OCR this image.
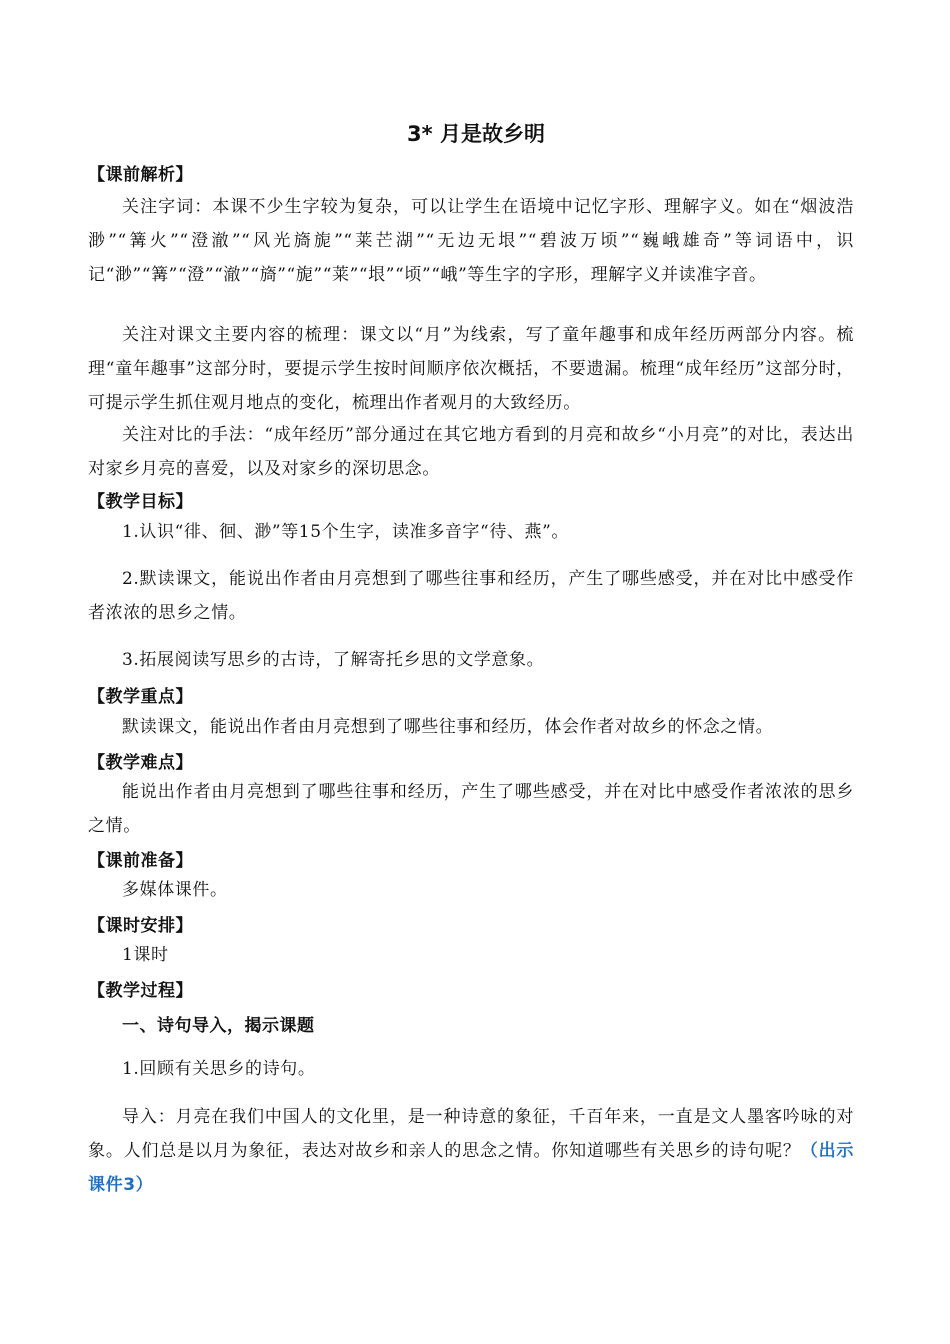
3* 月是故乡明
【课前解析】
关注字词：本课不少生字较为复杂，可以让学生在语境中记忆字形、理解字义。如在“烟波浩渺”“篝火”“澄澈”“风光旖旎”“莱芒湖”“无边无垠”“碧波万顷”“巍峨雄奇”等词语中，识记“渺”“篝”“澄”“澈”“旖”“旎”“莱”“垠”“顷”“峨”等生字的字形，理解字义并读准字音。
关注对课文主要内容的梳理：课文以“月”为线索，写了童年趣事和成年经历两部分内容。梳理“童年趣事”这部分时，要提示学生按时间顺序依次概括，不要遗漏。梳理“成年经历”这部分时，可提示学生抓住观月地点的变化，梳理出作者观月的大致经历。
关注对比的手法：“成年经历”部分通过在其它地方看到的月亮和故乡“小月亮”的对比，表达出对家乡月亮的喜爱，以及对家乡的深切思念。
【教学目标】
1.认识“徘、徊、渺”等15个生字，读准多音字“待、燕”。
2.默读课文，能说出作者由月亮想到了哪些往事和经历，产生了哪些感受，并在对比中感受作者浓浓的思乡之情。
3.拓展阅读写思乡的古诗，了解寄托乡思的文学意象。
【教学重点】
默读课文，能说出作者由月亮想到了哪些往事和经历，体会作者对故乡的怀念之情。
【教学难点】
能说出作者由月亮想到了哪些往事和经历，产生了哪些感受，并在对比中感受作者浓浓的思乡之情。
【课前准备】
多媒体课件。
【课时安排】
1课时
【教学过程】
一、诗句导入，揭示课题
1.回顾有关思乡的诗句。
导入：月亮在我们中国人的文化里，是一种诗意的象征，千百年来，一直是文人墨客吟咏的对象。人们总是以月为象征，表达对故乡和亲人的思念之情。你知道哪些有关思乡的诗句呢？（出示课件3）
